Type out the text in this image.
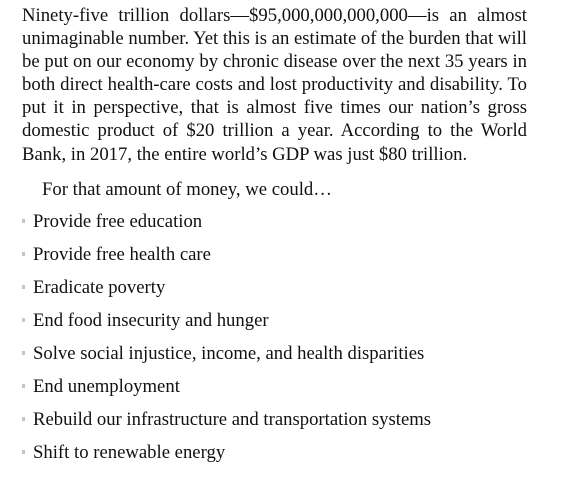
Ninety-five trillion dollars—$95,000,000,000,000—is an almost unimaginable number. Yet this is an estimate of the burden that will be put on our economy by chronic disease over the next 35 years in both direct health-care costs and lost productivity and disability. To put it in perspective, that is almost five times our nation’s gross domestic product of $20 trillion a year. According to the World Bank, in 2017, the entire world’s GDP was just $80 trillion.

For that amount of money, we could…

Provide free education
Provide free health care
Eradicate poverty
End food insecurity and hunger
Solve social injustice, income, and health disparities
End unemployment
Rebuild our infrastructure and transportation systems
Shift to renewable energy
